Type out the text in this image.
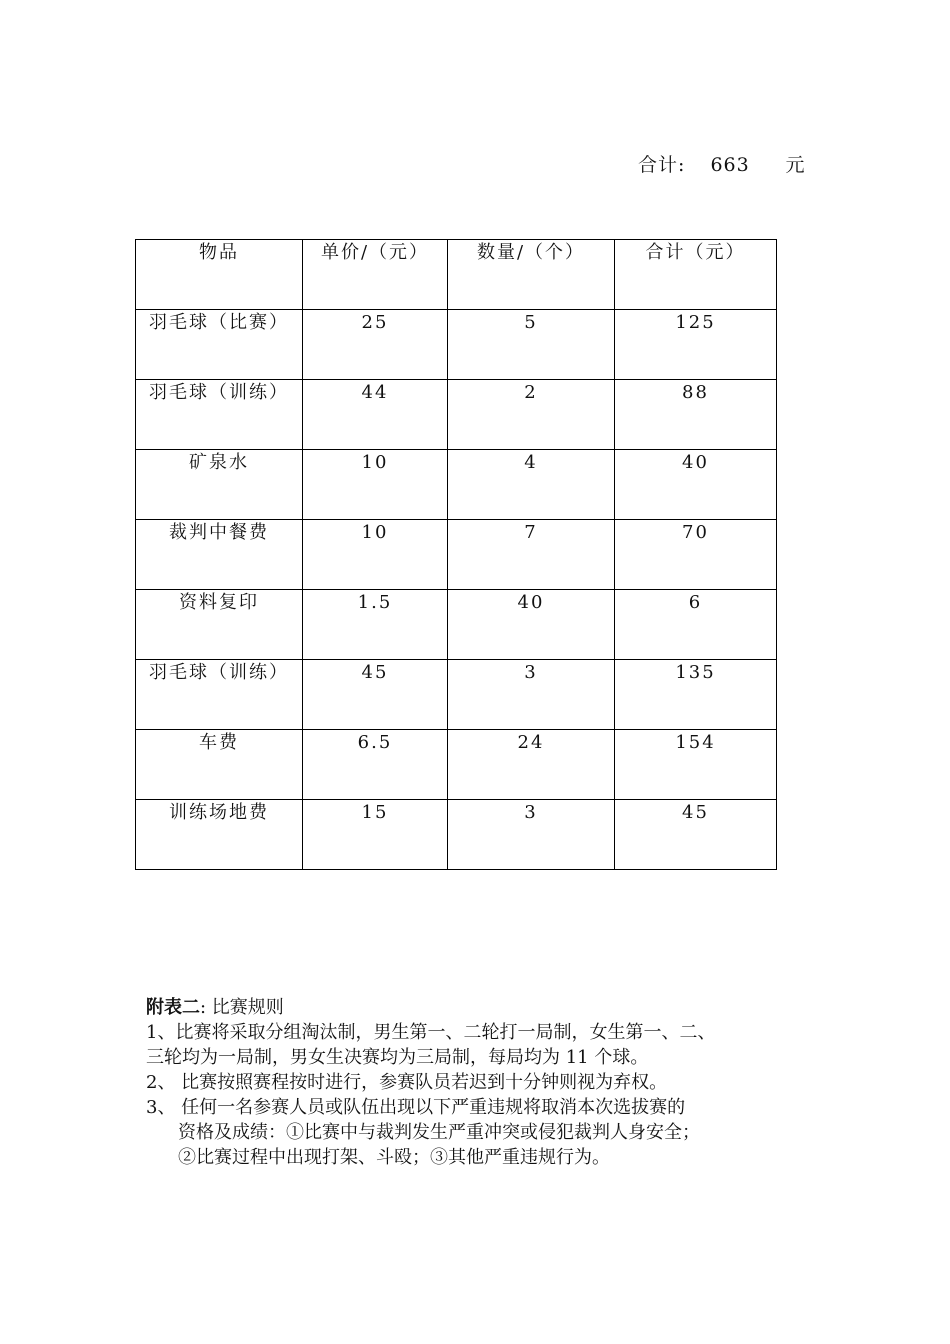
合计: 663 元
物品	单价/（元）	数量/（个）	合计（元）
羽毛球（比赛）	25	5	125
羽毛球（训练）	44	2	88
矿泉水	10	4	40
裁判中餐费	10	7	70
资料复印	1.5	40	6
羽毛球（训练）	45	3	135
车费	6.5	24	154
训练场地费	15	3	45

附表二: 比赛规则

1、比赛将采取分组淘汰制，男生第一、二轮打一局制，女生第一、二、

三轮均为一局制，男女生决赛均为三局制，每局均为 11 个球。

2、 比赛按照赛程按时进行，参赛队员若迟到十分钟则视为弃权。

3、 任何一名参赛人员或队伍出现以下严重违规将取消本次选拔赛的

资格及成绩：①比赛中与裁判发生严重冲突或侵犯裁判人身安全；

②比赛过程中出现打架、斗殴；③其他严重违规行为。
